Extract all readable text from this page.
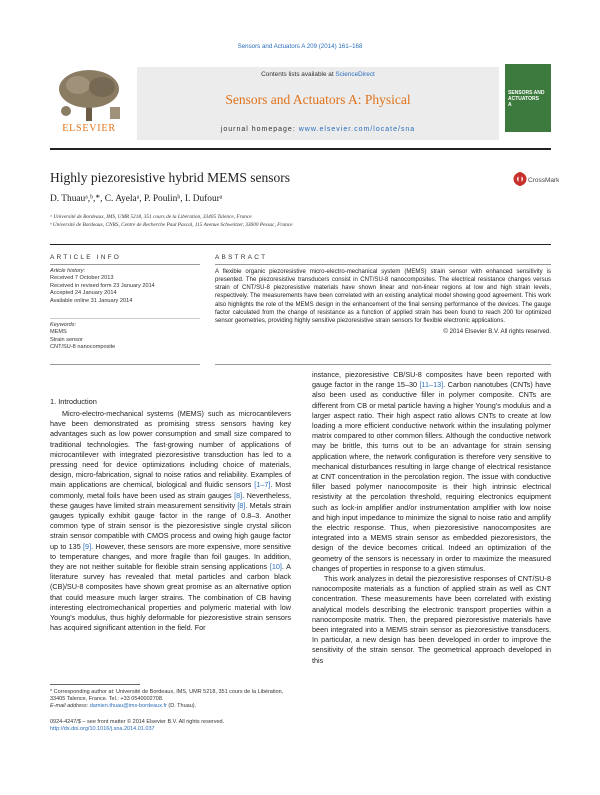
Sensors and Actuators A 209 (2014) 161–168
ELSEVIER
Contents lists available at ScienceDirect
Sensors and Actuators A: Physical
journal homepage: www.elsevier.com/locate/sna
SENSORS AND ACTUATORS
A
Highly piezoresistive hybrid MEMS sensors	CrossMark
D. Thuauᵃ,ᵇ,*, C. Ayelaᵃ, P. Poulinᵇ, I. Dufourᵃ
ᵃ Université de Bordeaux, IMS, UMR 5218, 351 cours de la Libération, 33405 Talence, France
ᵇ Université de Bordeaux, CNRS, Centre de Recherche Paul Pascal, 115 Avenue Schweitzer, 33600 Pessac, France
ARTICLE INFO
Article history:
Received 7 October 2013
Received in revised form 23 January 2014
Accepted 24 January 2014
Available online 31 January 2014
Keywords:
MEMS
Strain sensor
CNT/SU-8 nanocomposite
ABSTRACT
A flexible organic piezoresistive micro-electro-mechanical system (MEMS) strain sensor with enhanced sensitivity is presented. The piezoresistive transducers consist in CNT/SU-8 nanocomposites. The electrical resistance changes versus strain of CNT/SU-8 piezoresistive materials have shown linear and non-linear regions at low and high strain levels, respectively. The measurements have been correlated with an existing analytical model showing good agreement. This work also highlights the role of the MEMS design in the enhancement of the final sensing performance of the devices. The gauge factor calculated from the change of resistance as a function of applied strain has been found to reach 200 for optimized sensor geometries, providing highly sensitive piezoresistive strain sensors for flexible electronic applications.
© 2014 Elsevier B.V. All rights reserved.
1. Introduction

Micro-electro-mechanical systems (MEMS) such as microcantilevers have been demonstrated as promising stress sensors having key advantages such as low power consumption and small size compared to traditional technologies. The fast-growing number of applications of microcantilever with integrated piezoresistive transduction has led to a pressing need for device optimizations including choice of materials, design, micro-fabrication, signal to noise ratios and reliability. Examples of main applications are chemical, biological and fluidic sensors [1–7]. Most commonly, metal foils have been used as strain gauges [8]. Nevertheless, these gauges have limited strain measurement sensitivity [8]. Metals strain gauges typically exhibit gauge factor in the range of 0.8–3. Another common type of strain sensor is the piezoresistive single crystal silicon strain sensor compatible with CMOS process and owing high gauge factor up to 135 [9]. However, these sensors are more expensive, more sensitive to temperature changes, and more fragile than foil gauges. In addition, they are not neither suitable for flexible strain sensing applications [10]. A literature survey has revealed that metal particles and carbon black (CB)/SU-8 composites have shown great promise as an alternative option that could measure much larger strains. The combination of CB having interesting electromechanical properties and polymeric material with low Young's modulus, thus highly deformable for piezoresistive strain sensors has acquired significant attention in the field. For

instance, piezoresistive CB/SU-8 composites have been reported with gauge factor in the range 15–30 [11–13]. Carbon nanotubes (CNTs) have also been used as conductive filler in polymer composite. CNTs are different from CB or metal particle having a higher Young's modulus and a larger aspect ratio. Their high aspect ratio allows CNTs to create at low loading a more efficient conductive network within the insulating polymer matrix compared to other common fillers. Although the conductive network may be brittle, this turns out to be an advantage for strain sensing application where, the network configuration is therefore very sensitive to mechanical disturbances resulting in large change of electrical resistance at CNT concentration in the percolation region. The issue with conductive filler based polymer nanocomposite is their high intrinsic electrical resistivity at the percolation threshold, requiring electronics equipment such as lock-in amplifier and/or instrumentation amplifier with low noise and high input impedance to minimize the signal to noise ratio and amplify the electric response. Thus, when piezoresistive nanocomposites are integrated into a MEMS strain sensor as embedded piezoresistors, the design of the device becomes critical. Indeed an optimization of the geometry of the sensors is necessary in order to maximize the measured changes of properties in response to a given stimulus.

This work analyzes in detail the piezoresistive responses of CNT/SU-8 nanocomposite materials as a function of applied strain as well as CNT concentration. These measurements have been correlated with existing analytical models describing the electronic transport properties within a nanocomposite matrix. Then, the prepared piezoresistive materials have been integrated into a MEMS strain sensor as piezoresistive transducers. In particular, a new design has been developed in order to improve the sensitivity of the strain sensor. The geometrical approach developed in this

* Corresponding author at: Université de Bordeaux, IMS, UMR 5218, 351 cours de la Libération, 33405 Talence, France. Tel.: +33 0540002708.
E-mail address: damien.thuau@ims-bordeaux.fr (D. Thuau).
0924-4247/$ – see front matter © 2014 Elsevier B.V. All rights reserved.
http://dx.doi.org/10.1016/j.sna.2014.01.037
